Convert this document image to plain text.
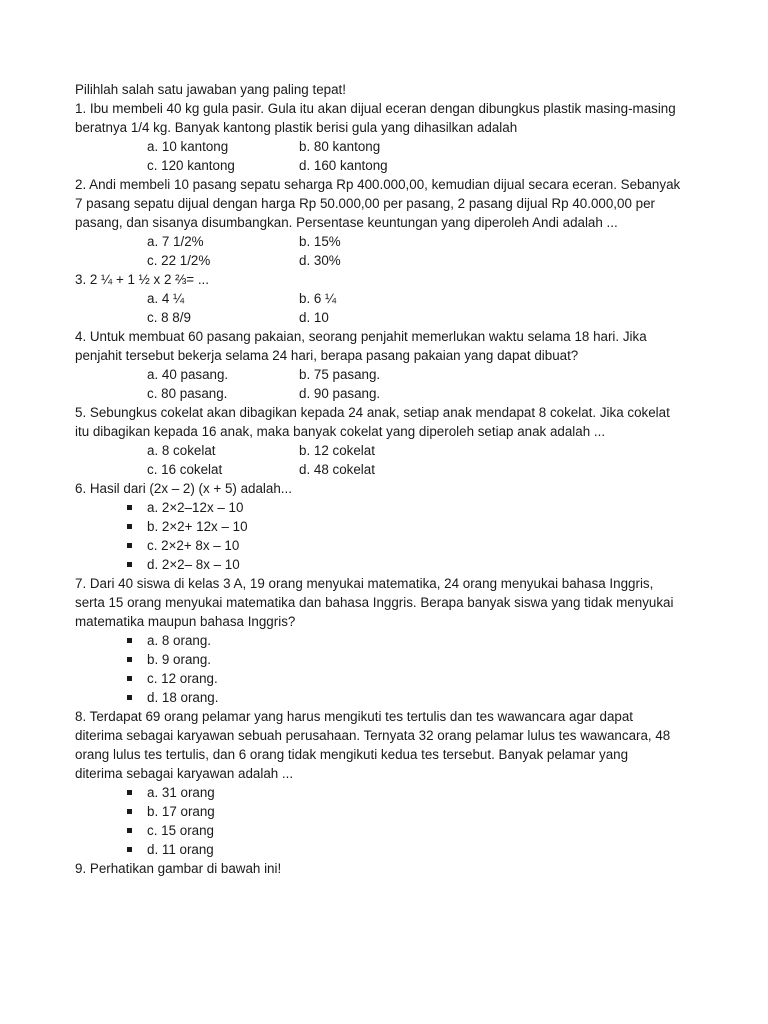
Pilihlah salah satu jawaban yang paling tepat!
1. Ibu membeli 40 kg gula pasir. Gula itu akan dijual eceran dengan dibungkus plastik masing-masing
beratnya 1/4 kg. Banyak kantong plastik berisi gula yang dihasilkan adalah
a. 10 kantong	b. 80 kantong
c. 120 kantong	d. 160 kantong
2. Andi membeli 10 pasang sepatu seharga Rp 400.000,00, kemudian dijual secara eceran. Sebanyak
7 pasang sepatu dijual dengan harga Rp 50.000,00 per pasang, 2 pasang dijual Rp 40.000,00 per
pasang, dan sisanya disumbangkan. Persentase keuntungan yang diperoleh Andi adalah ...
a. 7 1/2%	b. 15%
c. 22 1/2%	d. 30%
3. 2 ¼ + 1 ½ x 2 ⅔= ...
a. 4 ¼	b. 6 ¼
c. 8 8/9	d. 10
4. Untuk membuat 60 pasang pakaian, seorang penjahit memerlukan waktu selama 18 hari. Jika
penjahit tersebut bekerja selama 24 hari, berapa pasang pakaian yang dapat dibuat?
a. 40 pasang.	b. 75 pasang.
c. 80 pasang.	d. 90 pasang.
5. Sebungkus cokelat akan dibagikan kepada 24 anak, setiap anak mendapat 8 cokelat. Jika cokelat
itu dibagikan kepada 16 anak, maka banyak cokelat yang diperoleh setiap anak adalah ...
a. 8 cokelat	b. 12 cokelat
c. 16 cokelat	d. 48 cokelat
6. Hasil dari (2x – 2) (x + 5) adalah...
a. 2×2–12x – 10
b. 2×2+ 12x – 10
c. 2×2+ 8x – 10
d. 2×2– 8x – 10
7. Dari 40 siswa di kelas 3 A, 19 orang menyukai matematika, 24 orang menyukai bahasa Inggris,
serta 15 orang menyukai matematika dan bahasa Inggris. Berapa banyak siswa yang tidak menyukai
matematika maupun bahasa Inggris?
a. 8 orang.
b. 9 orang.
c. 12 orang.
d. 18 orang.
8. Terdapat 69 orang pelamar yang harus mengikuti tes tertulis dan tes wawancara agar dapat
diterima sebagai karyawan sebuah perusahaan. Ternyata 32 orang pelamar lulus tes wawancara, 48
orang lulus tes tertulis, dan 6 orang tidak mengikuti kedua tes tersebut. Banyak pelamar yang
diterima sebagai karyawan adalah ...
a. 31 orang
b. 17 orang
c. 15 orang
d. 11 orang
9. Perhatikan gambar di bawah ini!
